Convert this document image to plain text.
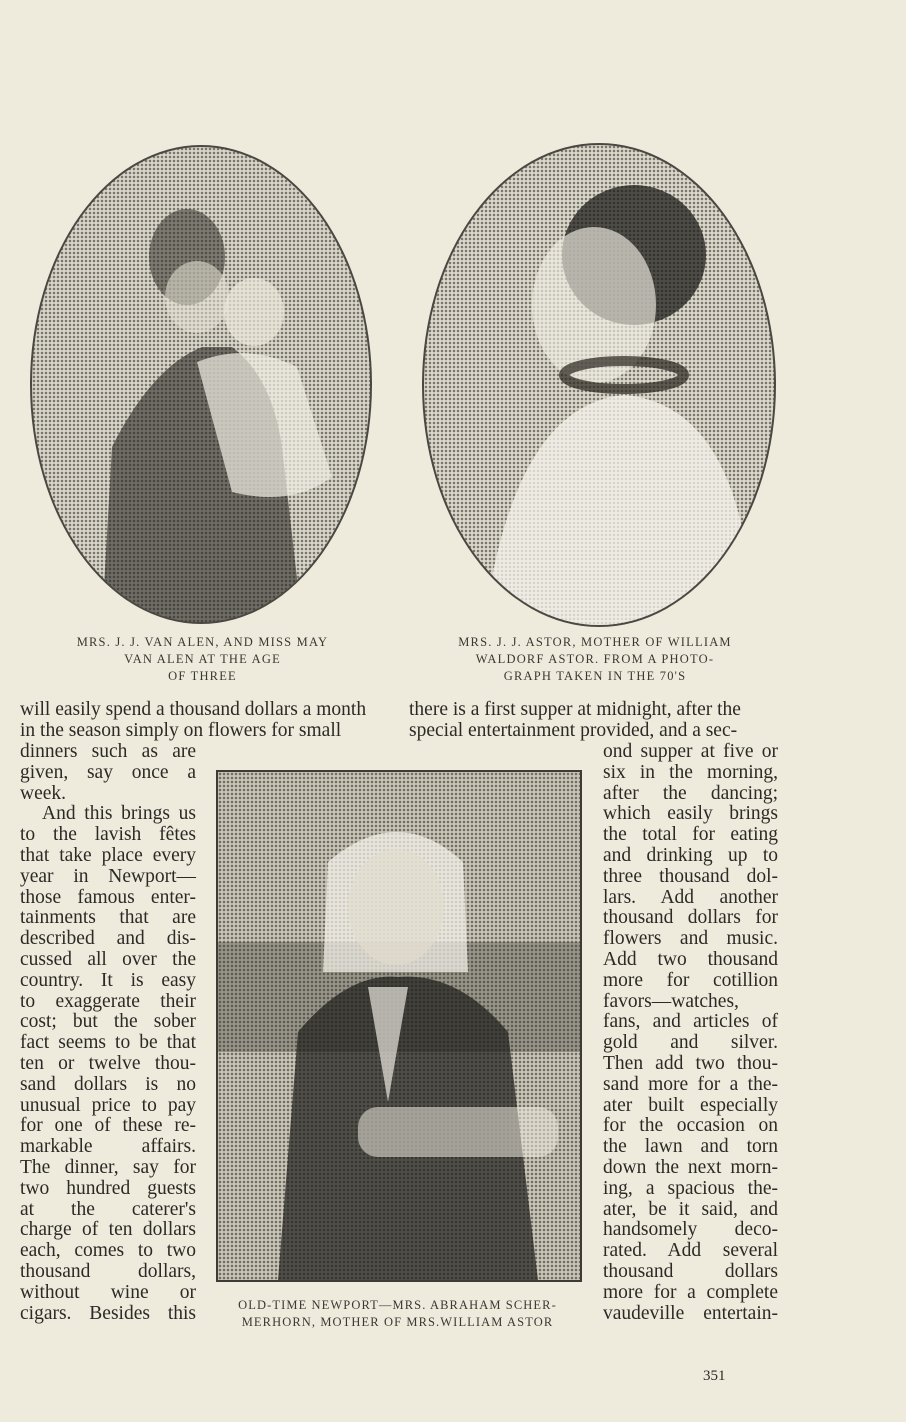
MRS. J. J. VAN ALEN, AND MISS MAY
VAN ALEN AT THE AGE
OF THREE
MRS. J. J. ASTOR, MOTHER OF WILLIAM
WALDORF ASTOR. FROM A PHOTO-
GRAPH TAKEN IN THE 70'S
will easily spend a thousand dollars a month
in the season simply on flowers for small
there is a first supper at midnight, after the
special entertainment provided, and a sec-
dinners such as are
given, say once a
week.
And this brings us
to the lavish fêtes
that take place every
year in Newport—
those famous enter-
tainments that are
described and dis-
cussed all over the
country. It is easy
to exaggerate their
cost; but the sober
fact seems to be that
ten or twelve thou-
sand dollars is no
unusual price to pay
for one of these re-
markable affairs.
The dinner, say for
two hundred guests
at the caterer's
charge of ten dollars
each, comes to two
thousand dollars,
without wine or
cigars. Besides this	OLD-TIME NEWPORT—MRS. ABRAHAM SCHER-
MERHORN, MOTHER OF MRS.WILLIAM ASTOR
ond supper at five or
six in the morning,
after the dancing;
which easily brings
the total for eating
and drinking up to
three thousand dol-
lars. Add another
thousand dollars for
flowers and music.
Add two thousand
more for cotillion
favors—watches,
fans, and articles of
gold and silver.
Then add two thou-
sand more for a the-
ater built especially
for the occasion on
the lawn and torn
down the next morn-
ing, a spacious the-
ater, be it said, and
handsomely deco-
rated. Add several
thousand dollars
more for a complete
vaudeville entertain-
351
